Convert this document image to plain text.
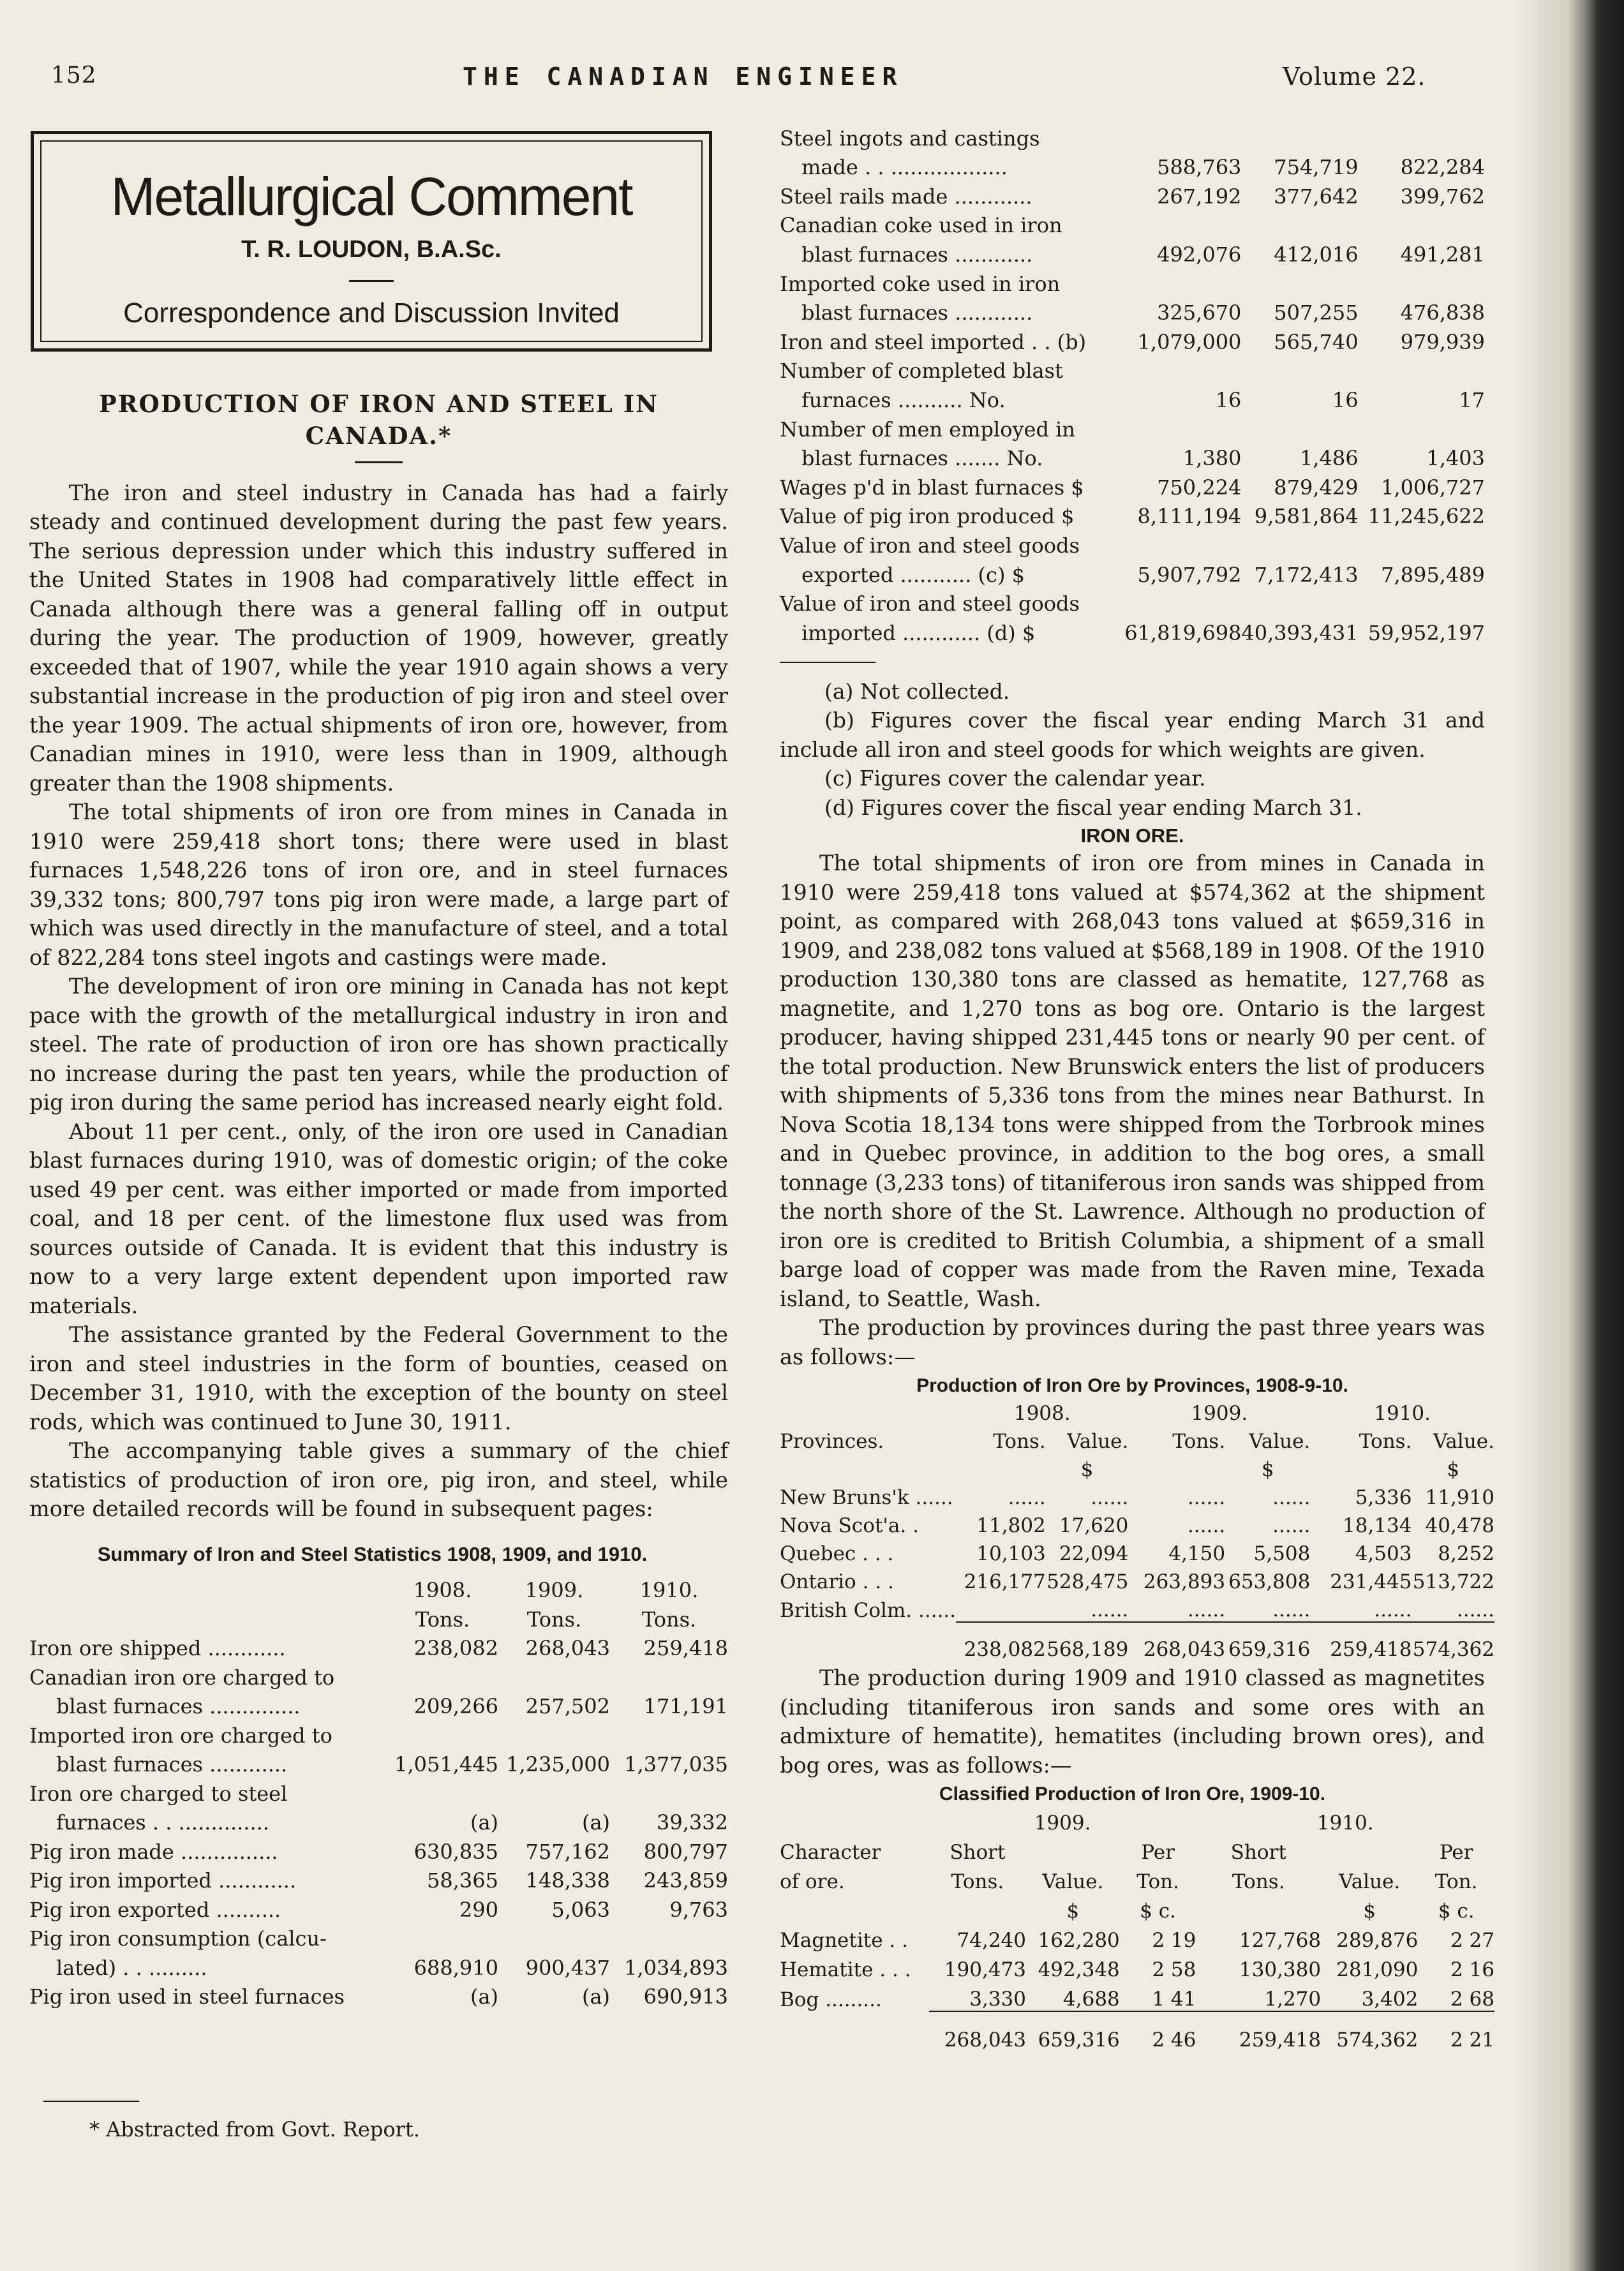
152	THE CANADIAN ENGINEER	Volume 22.
Metallurgical Comment
T. R. LOUDON, B.A.Sc.
Correspondence and Discussion Invited
PRODUCTION OF IRON AND STEEL IN
CANADA.*

The iron and steel industry in Canada has had a fairly steady and continued development during the past few years. The serious depression under which this industry suffered in the United States in 1908 had comparatively little effect in Canada although there was a general falling off in output during the year. The production of 1909, however, greatly exceeded that of 1907, while the year 1910 again shows a very substantial increase in the production of pig iron and steel over the year 1909. The actual shipments of iron ore, however, from Canadian mines in 1910, were less than in 1909, although greater than the 1908 shipments.

The total shipments of iron ore from mines in Canada in 1910 were 259,418 short tons; there were used in blast furnaces 1,548,226 tons of iron ore, and in steel furnaces 39,332 tons; 800,797 tons pig iron were made, a large part of which was used directly in the manufacture of steel, and a total of 822,284 tons steel ingots and castings were made.

The development of iron ore mining in Canada has not kept pace with the growth of the metallurgical industry in iron and steel. The rate of production of iron ore has shown practically no increase during the past ten years, while the production of pig iron during the same period has increased nearly eight fold.

About 11 per cent., only, of the iron ore used in Canadian blast furnaces during 1910, was of domestic origin; of the coke used 49 per cent. was either imported or made from imported coal, and 18 per cent. of the limestone flux used was from sources outside of Canada. It is evident that this industry is now to a very large extent dependent upon imported raw materials.

The assistance granted by the Federal Government to the iron and steel industries in the form of bounties, ceased on December 31, 1910, with the exception of the bounty on steel rods, which was continued to June 30, 1911.

The accompanying table gives a summary of the chief statistics of production of iron ore, pig iron, and steel, while more detailed records will be found in subsequent pages:

Summary of Iron and Steel Statistics 1908, 1909, and 1910.
	1908.	1909.	1910.
	Tons.	Tons.	Tons.
Iron ore shipped ............	238,082	268,043	259,418
Canadian iron ore charged to			
blast furnaces ..............	209,266	257,502	171,191
Imported iron ore charged to			
blast furnaces ............	1,051,445	1,235,000	1,377,035
Iron ore charged to steel			
furnaces . . ..............	(a)	(a)	39,332
Pig iron made ...............	630,835	757,162	800,797
Pig iron imported ............	58,365	148,338	243,859
Pig iron exported ..........	290	5,063	9,763
Pig iron consumption (calcu-			
lated) . . .........	688,910	900,437	1,034,893
Pig iron used in steel furnaces	(a)	(a)	690,913
* Abstracted from Govt. Report.
Steel ingots and castings			
made . . ..................	588,763	754,719	822,284
Steel rails made ............	267,192	377,642	399,762
Canadian coke used in iron			
blast furnaces ............	492,076	412,016	491,281
Imported coke used in iron			
blast furnaces ............	325,670	507,255	476,838
Iron and steel imported . . (b)	1,079,000	565,740	979,939
Number of completed blast			
furnaces .......... No.	16	16	17
Number of men employed in			
blast furnaces ....... No.	1,380	1,486	1,403
Wages p'd in blast furnaces $	750,224	879,429	1,006,727
Value of pig iron produced $	8,111,194	9,581,864	11,245,622
Value of iron and steel goods			
exported ........... (c) $	5,907,792	7,172,413	7,895,489
Value of iron and steel goods			
imported ............ (d) $	61,819,698	40,393,431	59,952,197
(a) Not collected.
(b) Figures cover the fiscal year ending March 31 and include all iron and steel goods for which weights are given.
(c) Figures cover the calendar year.
(d) Figures cover the fiscal year ending March 31.
IRON ORE.

The total shipments of iron ore from mines in Canada in 1910 were 259,418 tons valued at $574,362 at the shipment point, as compared with 268,043 tons valued at $659,316 in 1909, and 238,082 tons valued at $568,189 in 1908. Of the 1910 production 130,380 tons are classed as hematite, 127,768 as magnetite, and 1,270 tons as bog ore. Ontario is the largest producer, having shipped 231,445 tons or nearly 90 per cent. of the total production. New Brunswick enters the list of producers with shipments of 5,336 tons from the mines near Bathurst. In Nova Scotia 18,134 tons were shipped from the Torbrook mines and in Quebec province, in addition to the bog ores, a small tonnage (3,233 tons) of titaniferous iron sands was shipped from the north shore of the St. Lawrence. Although no production of iron ore is credited to British Columbia, a shipment of a small barge load of copper was made from the Raven mine, Texada island, to Seattle, Wash.

The production by provinces during the past three years was as follows:—

Production of Iron Ore by Provinces, 1908-9-10.
	1908.		1909.		1910.	
Provinces.	Tons.	Value.	Tons.	Value.	Tons.	Value.
		$		$		$
New Bruns'k ......	......	......	......	......	5,336	11,910
Nova Scot'a. .	11,802	17,620	......	......	18,134	40,478
Quebec . . .	10,103	22,094	4,150	5,508	4,503	8,252
Ontario . . .	216,177	528,475	263,893	653,808	231,445	513,722
British Colm. ......		......	......	......	......	......
	238,082	568,189	268,043	659,316	259,418	574,362

The production during 1909 and 1910 classed as magnetites (including titaniferous iron sands and some ores with an admixture of hematite), hematites (including brown ores), and bog ores, was as follows:—

Classified Production of Iron Ore, 1909-10.
	1909.			1910.		
Character	Short		Per	Short		Per
of ore.	Tons.	Value.	Ton.	Tons.	Value.	Ton.
		$	$ c.		$	$ c.
Magnetite . .	74,240	162,280	2 19	127,768	289,876	2 27
Hematite . . .	190,473	492,348	2 58	130,380	281,090	2 16
Bog .........	3,330	4,688	1 41	1,270	3,402	2 68
	268,043	659,316	2 46	259,418	574,362	2 21
